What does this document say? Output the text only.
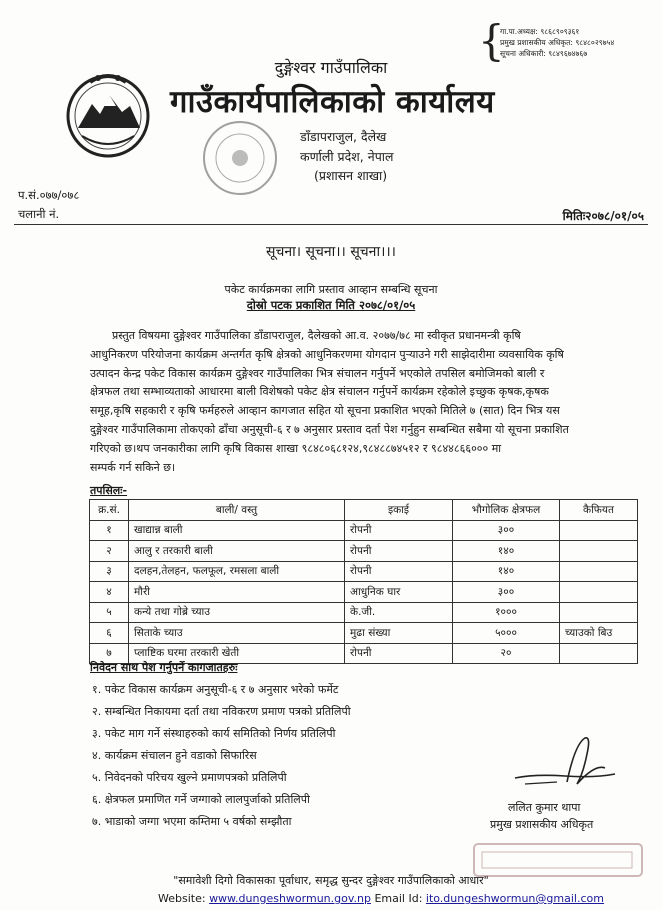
{
गा.पा.अध्यक्ष: ९८६८९०९३६१
प्रमुख प्रशासकीय अधिकृत: ९८४८०२९७५४
सूचना अधिकारी: ९८४९६७४७६७
दुङ्गेश्वर गाउँपालिका
गाउँकार्यपालिकाको कार्यालय
डाँडापराजुल, दैलेख
कर्णाली प्रदेश, नेपाल
(प्रशासन शाखा)
प.सं.०७७/०७८
चलानी नं.	मितिः२०७८/०१/०५
सूचना। सूचना।। सूचना।।।
पकेट कार्यक्रमका लागि प्रस्ताव आव्हान सम्बन्धि सूचना
दोस्रो पटक प्रकाशित मिति २०७८/०१/०५
प्रस्तुत विषयमा दुङ्गेश्वर गाउँपालिका डाँडापराजुल, दैलेखको आ.व. २०७७/७८ मा स्वीकृत प्रधानमन्त्री कृषि
आधुनिकरण परियोजना कार्यक्रम अन्तर्गत कृषि क्षेत्रको आधुनिकरणमा योगदान पुऱ्याउने गरी साझेदारीमा व्यवसायिक कृषि
उत्पादन केन्द्र पकेट विकास कार्यक्रम दुङ्गेश्वर गाउँपालिका भित्र संचालन गर्नुपर्ने भएकोले तपसिल बमोजिमको बाली र
क्षेत्रफल तथा सम्भाव्यताको आधारमा बाली विशेषको पकेट क्षेत्र संचालन गर्नुपर्ने कार्यक्रम रहेकोले इच्छुक कृषक,कृषक
समूह,कृषि सहकारी र कृषि फर्महरुले आव्हान कागजात सहित यो सूचना प्रकाशित भएको मितिले ७ (सात) दिन भित्र यस
दुङ्गेश्वर गाउँपालिकामा तोकएको ढाँचा अनुसूची-६ र ७ अनुसार प्रस्ताव दर्ता पेश गर्नुहुन सम्बन्धित सबैमा यो सूचना प्रकाशित
गरिएको छ।थप जनकारीका लागि कृषि विकास शाखा ९८४८०६८१२४,९८४८८७४५१२ र ९८४४८६६००० मा
सम्पर्क गर्न सकिने छ।
तपसिलः-
क्र.सं.	बाली/ वस्तु	इकाई	भौगोलिक क्षेत्रफल	कैफियत
१	खाद्यान्न बाली	रोपनी	३००	
२	आलु र तरकारी बाली	रोपनी	१४०	
३	दलहन,तेलहन, फलफूल, रमसला बाली	रोपनी	१४०	
४	मौरी	आधुनिक घार	३००	
५	कन्ये तथा गोब्रे च्याउ	के.जी.	१०००	
६	सिताके च्याउ	मुढा संख्या	५०००	च्याउको बिउ
७	प्लाष्टिक घरमा तरकारी खेती	रोपनी	२०	
निवेदन साथ पेश गर्नुपर्ने कागजातहरुः
१. पकेट विकास कार्यक्रम अनुसूची-६ र ७ अनुसार भरेको फर्मेट
२. सम्बन्धित निकायमा दर्ता तथा नविकरण प्रमाण पत्रको प्रतिलिपी
३. पकेट माग गर्ने संस्थाहरुको कार्य समितिको निर्णय प्रतिलिपी
४. कार्यक्रम संचालन हुने वडाको सिफारिस
५. निवेदनको परिचय खुल्ने प्रमाणपत्रको प्रतिलिपी
६. क्षेत्रफल प्रमाणित गर्ने जग्गाको लालपुर्जाको प्रतिलिपी
७. भाडाको जग्गा भएमा कम्तिमा ५ वर्षको सम्झौता
ललित कुमार थापा
प्रमुख प्रशासकीय अधिकृत
"समावेशी दिगो विकासका पूर्वाधार, समृद्ध सुन्दर दुङ्गेश्वर गाउँपालिकाको आधार"
Website: www.dungeshwormun.gov.np Email Id: ito.dungeshwormun@gmail.com
